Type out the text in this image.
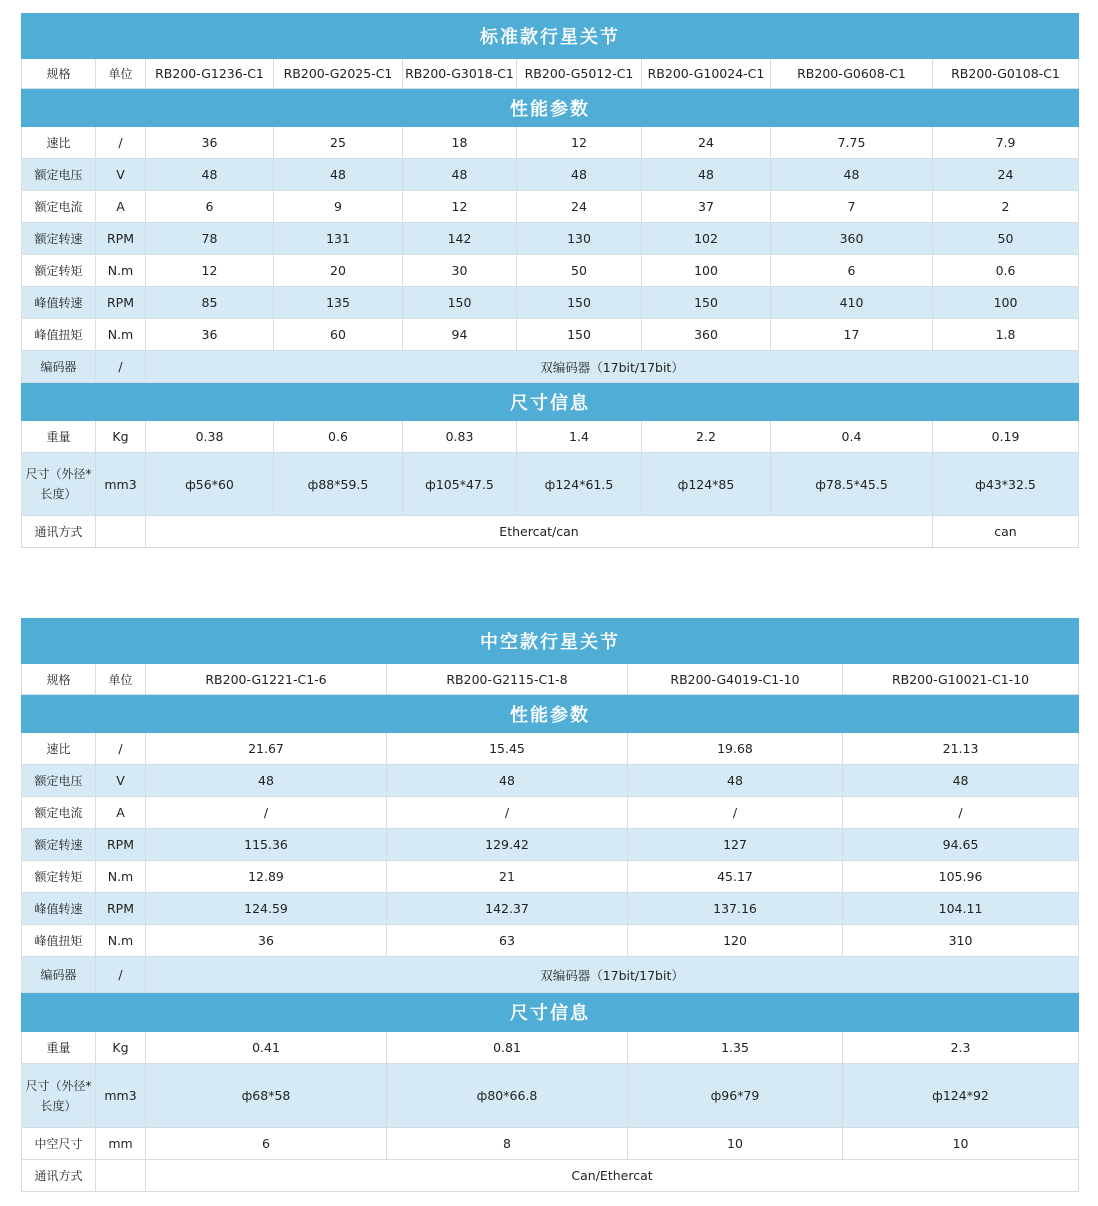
标准款行星关节								
规格	单位	RB200-G1236-C1	RB200-G2025-C1	RB200-G3018-C1	RB200-G5012-C1	RB200-G10024-C1	RB200-G0608-C1	RB200-G0108-C1
性能参数								
速比	/	36	25	18	12	24	7.75	7.9
额定电压	V	48	48	48	48	48	48	24
额定电流	A	6	9	12	24	37	7	2
额定转速	RPM	78	131	142	130	102	360	50
额定转矩	N.m	12	20	30	50	100	6	0.6
峰值转速	RPM	85	135	150	150	150	410	100
峰值扭矩	N.m	36	60	94	150	360	17	1.8
编码器	/	双编码器（17bit/17bit）						
尺寸信息								
重量	Kg	0.38	0.6	0.83	1.4	2.2	0.4	0.19
尺寸（外径*长度）	mm3	ф56*60	ф88*59.5	ф105*47.5	ф124*61.5	ф124*85	ф78.5*45.5	ф43*32.5
通讯方式		Ethercat/can						can
中空款行星关节					
规格	单位	RB200-G1221-C1-6	RB200-G2115-C1-8	RB200-G4019-C1-10	RB200-G10021-C1-10
性能参数					
速比	/	21.67	15.45	19.68	21.13
额定电压	V	48	48	48	48
额定电流	A	/	/	/	/
额定转速	RPM	115.36	129.42	127	94.65
额定转矩	N.m	12.89	21	45.17	105.96
峰值转速	RPM	124.59	142.37	137.16	104.11
峰值扭矩	N.m	36	63	120	310
编码器	/	双编码器（17bit/17bit）			
尺寸信息					
重量	Kg	0.41	0.81	1.35	2.3
尺寸（外径*长度）	mm3	ф68*58	ф80*66.8	ф96*79	ф124*92
中空尺寸	mm	6	8	10	10
通讯方式		Can/Ethercat			
